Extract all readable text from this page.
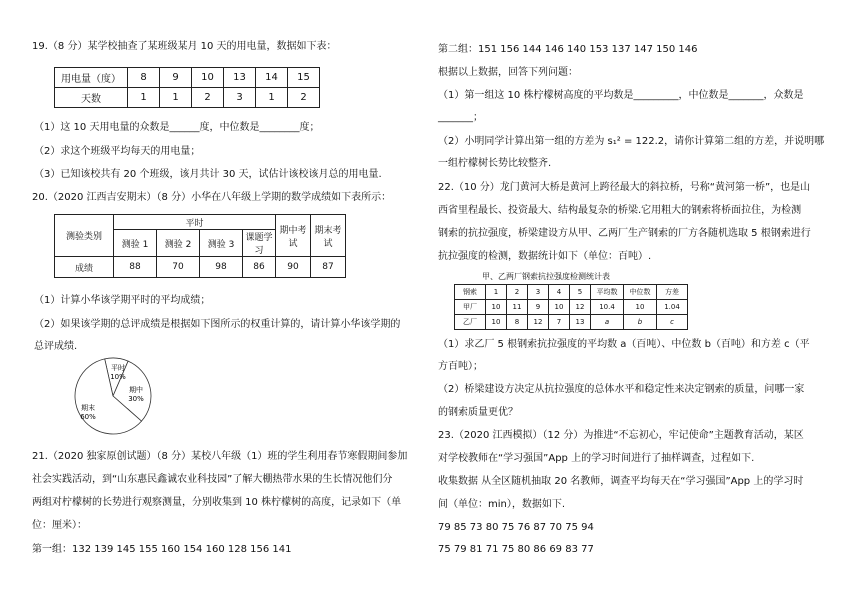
19.（8 分）某学校抽查了某班级某月 10 天的用电量，数据如下表：
用电量（度）	8	9	10	13	14	15
天数	1	1	2	3	1	2
（1）这 10 天用电量的众数是______度，中位数是________度；
（2）求这个班级平均每天的用电量；
（3）已知该校共有 20 个班级，该月共计 30 天，试估计该校该月总的用电量.
20.（2020 江西吉安期末）（8 分）小华在八年级上学期的数学成绩如下表所示：
测验类别	平时				期中考试	期末考试
	测验 1	测验 2	测验 3	课题学习		
成绩	88	70	98	86	90	87
（1）计算小华该学期平时的平均成绩；
（2）如果该学期的总评成绩是根据如下图所示的权重计算的，请计算小华该学期的
总评成绩.
平时
10%
期中
30%
期末
60%
21.（2020 独家原创试题）（8 分）某校八年级（1）班的学生利用春节寒假期间参加
社会实践活动，到“山东惠民鑫诚农业科技园”了解大棚热带水果的生长情况他们分
两组对柠檬树的长势进行观察测量，分别收集到 10 株柠檬树的高度，记录如下（单
位：厘米）：
第一组：132 139 145 155 160 154 160 128 156 141
第二组：151 156 144 146 140 153 137 147 150 146
根据以上数据，回答下列问题：
（1）第一组这 10 株柠檬树高度的平均数是_________，中位数是_______，众数是
_______；
（2）小明同学计算出第一组的方差为 s₁² = 122.2，请你计算第二组的方差，并说明哪
一组柠檬树长势比较整齐.
22.（10 分）龙门黄河大桥是黄河上跨径最大的斜拉桥，号称“黄河第一桥”，也是山
西省里程最长、投资最大、结构最复杂的桥梁.它用粗大的钢索将桥面拉住，为检测
钢索的抗拉强度，桥梁建设方从甲、乙两厂生产钢索的厂方各随机选取 5 根钢索进行
抗拉强度的检测，数据统计如下（单位：百吨）.
甲、乙两厂钢索抗拉强度检测统计表
钢索	1	2	3	4	5	平均数	中位数	方差
甲厂	10	11	9	10	12	10.4	10	1.04
乙厂	10	8	12	7	13	a	b	c
（1）求乙厂 5 根钢索抗拉强度的平均数 a（百吨）、中位数 b（百吨）和方差 c（平
方百吨）；
（2）桥梁建设方决定从抗拉强度的总体水平和稳定性来决定钢索的质量，问哪一家
的钢索质量更优？
23.（2020 江西模拟）（12 分）为推进“不忘初心，牢记使命”主题教育活动，某区
对学校教师在“学习强国”App 上的学习时间进行了抽样调查，过程如下.
收集数据 从全区随机抽取 20 名教师，调查平均每天在“学习强国”App 上的学习时
间（单位：min），数据如下.
79 85 73 80 75 76 87 70 75 94
75 79 81 71 75 80 86 69 83 77
